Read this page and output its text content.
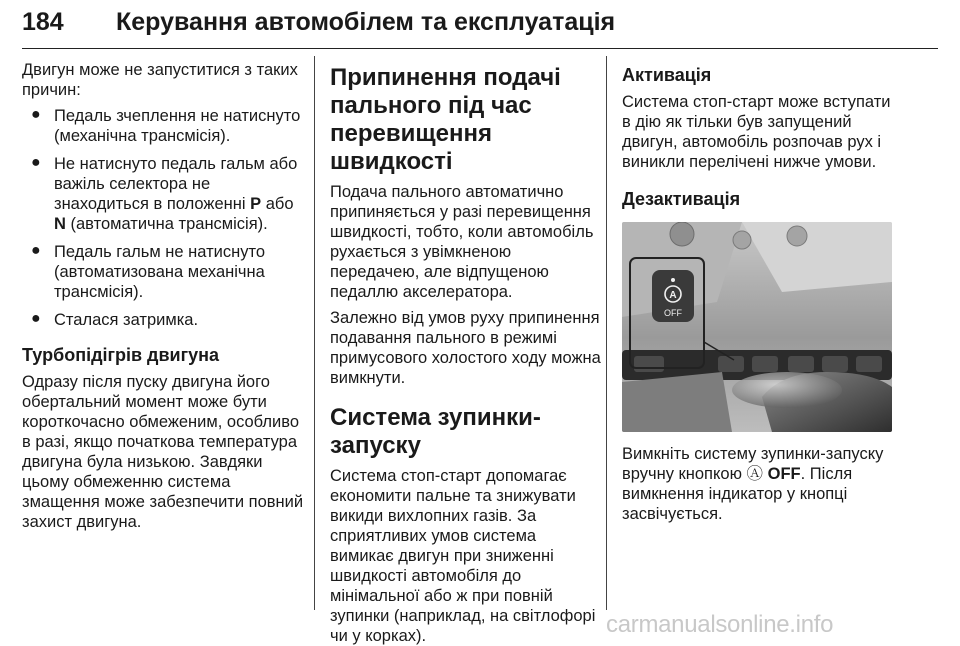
184 Керування автомобілем та експлуатація

Двигун може не запуститися з таких причин:

● Педаль зчеплення не натиснуто (механічна трансмісія).
● Не натиснуто педаль гальм або важіль селектора не знаходиться в положенні P або N (автоматична трансмісія).
● Педаль гальм не натиснуто (автоматизована механічна трансмісія).
● Сталася затримка.
Турбопідігрів двигуна

Одразу після пуску двигуна його обертальний момент може бути короткочасно обмеженим, особливо в разі, якщо початкова температура двигуна була низькою. Завдяки цьому обмеженню система змащення може забезпечити повний захист двигуна.

Припинення подачі пального під час перевищення швидкості

Подача пального автоматично припиняється у разі перевищення швидкості, тобто, коли автомобіль рухається з увімкненою передачею, але відпущеною педаллю акселератора.

Залежно від умов руху припинення подавання пального в режимі примусового холостого ходу можна вимкнути.

Система зупинки-запуску

Система стоп-старт допомагає економити пальне та знижувати викиди вихлопних газів. За сприятливих умов система вимикає двигун при зниженні швидкості автомобіля до мінімальної або ж при повній зупинки (наприклад, на світлофорі чи у корках).

Активація

Система стоп-старт може вступати в дію як тільки був запущений двигун, автомобіль розпочав рух і виникли перелічені нижче умови.

Дезактивація
A
OFF

Вимкніть систему зупинки-запуску вручну кнопкою Ⓐ OFF. Після вимкнення індикатор у кнопці засвічується.

carmanualsonline.info
